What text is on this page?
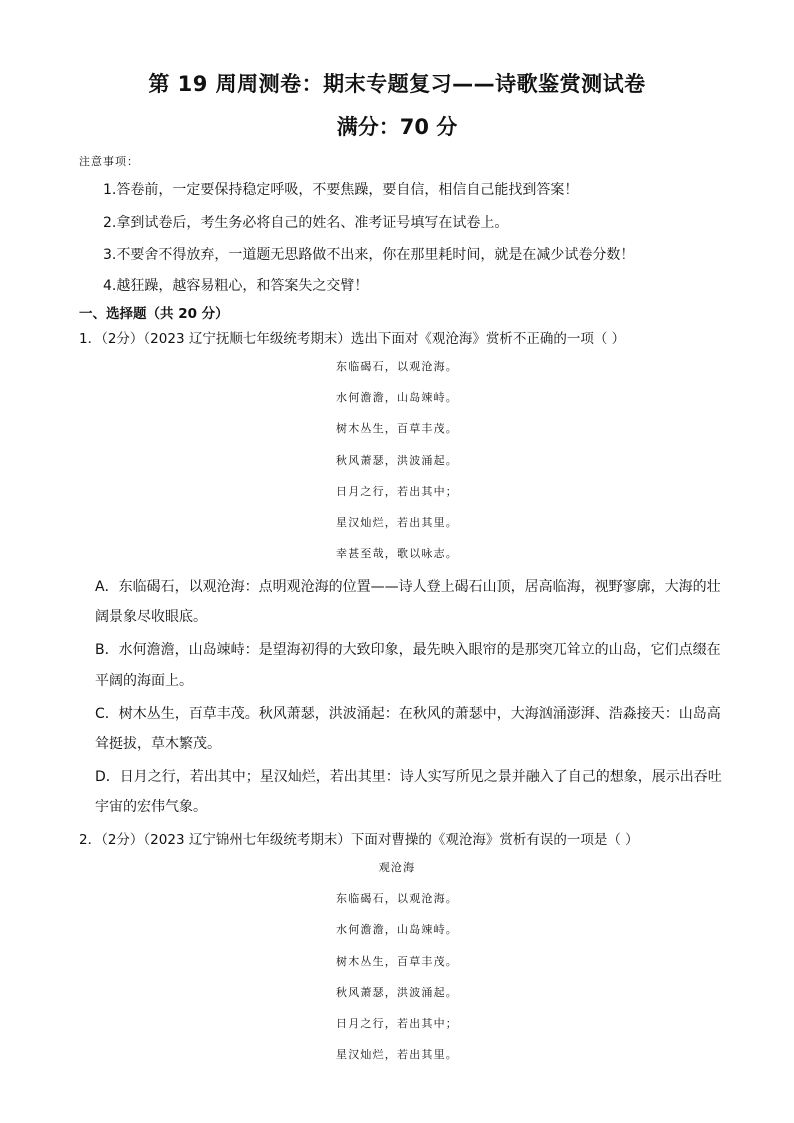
第 19 周周测卷：期末专题复习——诗歌鉴赏测试卷
满分：70 分
注意事项：
1.答卷前，一定要保持稳定呼吸，不要焦躁，要自信，相信自己能找到答案！
2.拿到试卷后，考生务必将自己的姓名、准考证号填写在试卷上。
3.不要舍不得放弃，一道题无思路做不出来，你在那里耗时间，就是在减少试卷分数！
4.越狂躁，越容易粗心，和答案失之交臂！
一、选择题（共 20 分）
1．（2分）（2023 辽宁抚顺七年级统考期末）选出下面对《观沧海》赏析不正确的一项（ ）
东临碣石，以观沧海。
水何澹澹，山岛竦峙。
树木丛生，百草丰茂。
秋风萧瑟，洪波涌起。
日月之行，若出其中；
星汉灿烂，若出其里。
幸甚至哉，歌以咏志。
A．东临碣石，以观沧海：点明观沧海的位置——诗人登上碣石山顶，居高临海，视野寥廓，大海的壮
阔景象尽收眼底。
B．水何澹澹，山岛竦峙：是望海初得的大致印象，最先映入眼帘的是那突兀耸立的山岛，它们点缀在
平阔的海面上。
C．树木丛生，百草丰茂。秋风萧瑟，洪波涌起：在秋风的萧瑟中，大海汹涌澎湃、浩淼接天：山岛高
耸挺拔，草木繁茂。
D．日月之行，若出其中；星汉灿烂，若出其里：诗人实写所见之景并融入了自己的想象，展示出吞吐
宇宙的宏伟气象。
2．（2分）（2023 辽宁锦州七年级统考期末）下面对曹操的《观沧海》赏析有误的一项是（ ）
观沧海
东临碣石，以观沧海。
水何澹澹，山岛竦峙。
树木丛生，百草丰茂。
秋风萧瑟，洪波涌起。
日月之行，若出其中；
星汉灿烂，若出其里。
